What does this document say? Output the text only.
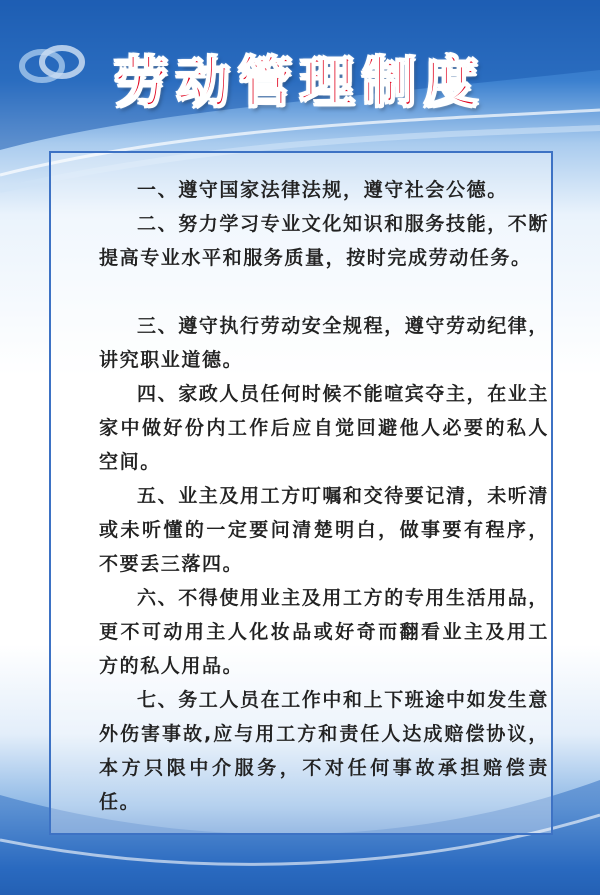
劳动管理制度
一、遵守国家法律法规，遵守社会公德。
二、努力学习专业文化知识和服务技能，不断提高专业水平和服务质量，按时完成劳动任务。
三、遵守执行劳动安全规程，遵守劳动纪律，讲究职业道德。
四、家政人员任何时候不能喧宾夺主，在业主家中做好份内工作后应自觉回避他人必要的私人空间。
五、业主及用工方叮嘱和交待要记清，未听清或未听懂的一定要问清楚明白，做事要有程序，不要丢三落四。
六、不得使用业主及用工方的专用生活用品，更不可动用主人化妆品或好奇而翻看业主及用工方的私人用品。
七、务工人员在工作中和上下班途中如发生意外伤害事故,应与用工方和责任人达成赔偿协议，本方只限中介服务，不对任何事故承担赔偿责任。
